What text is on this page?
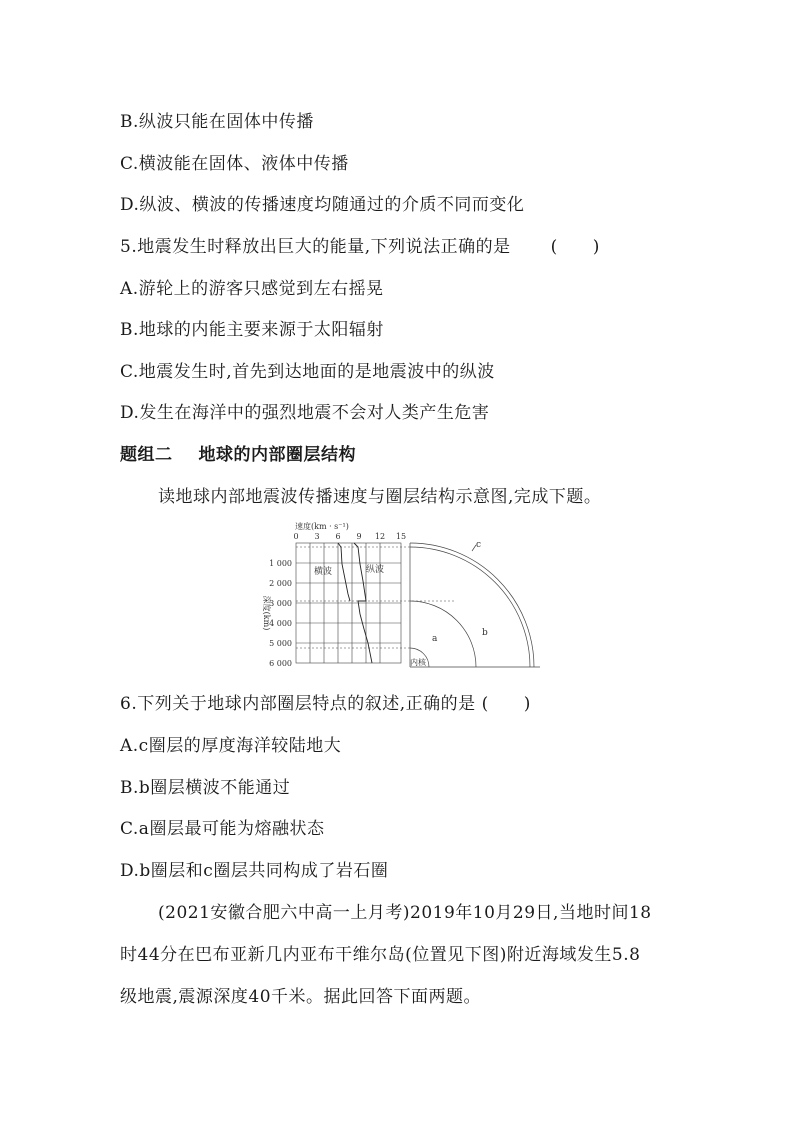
B.纵波只能在固体中传播
C.横波能在固体、液体中传播
D.纵波、横波的传播速度均随通过的介质不同而变化
5.地震发生时释放出巨大的能量,下列说法正确的是 (　　)
A.游轮上的游客只感觉到左右摇晃
B.地球的内能主要来源于太阳辐射
C.地震发生时,首先到达地面的是地震波中的纵波
D.发生在海洋中的强烈地震不会对人类产生危害
题组二 地球的内部圈层结构
读地球内部地震波传播速度与圈层结构示意图,完成下题。
速度(km · s⁻¹)
0 3 6 9 12 15
1 000
2 000
3 000
4 000
5 000
6 000
深度(km)
横波	纵波
a
b
c
内核
6.下列关于地球内部圈层特点的叙述,正确的是 (　　)
A.c圈层的厚度海洋较陆地大
B.b圈层横波不能通过
C.a圈层最可能为熔融状态
D.b圈层和c圈层共同构成了岩石圈
(2021安徽合肥六中高一上月考)2019年10月29日,当地时间18
时44分在巴布亚新几内亚布干维尔岛(位置见下图)附近海域发生5.8
级地震,震源深度40千米。据此回答下面两题。
